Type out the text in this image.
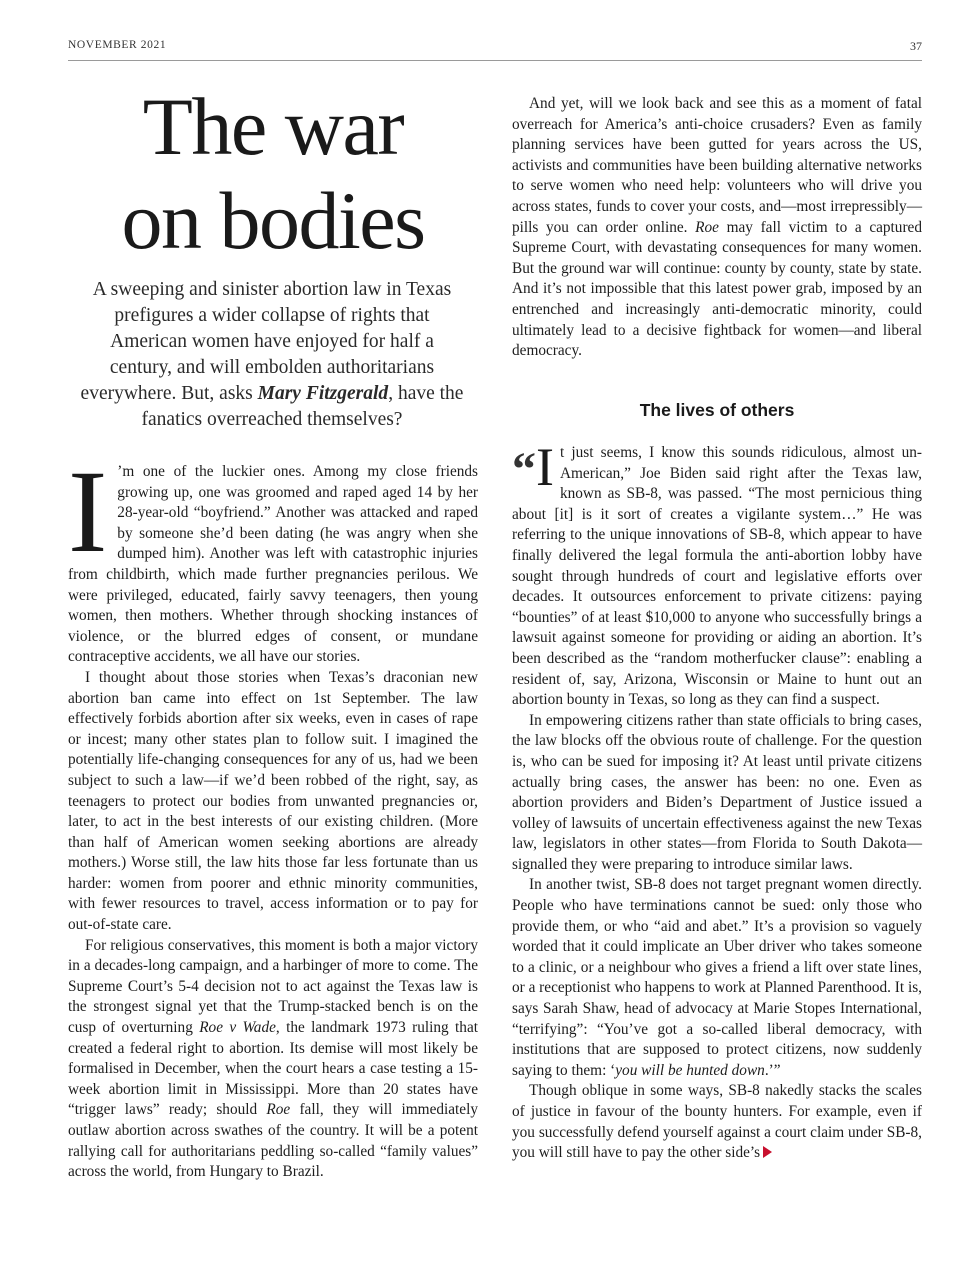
NOVEMBER 2021	37
The war
on bodies

A sweeping and sinister abortion law in Texas prefigures a wider collapse of rights that American women have enjoyed for half a century, and will embolden authoritarians everywhere. But, asks Mary Fitzgerald, have the fanatics overreached themselves?

I ’m one of the luckier ones. Among my close friends growing up, one was groomed and raped aged 14 by her 28-year-old “boyfriend.” Another was attacked and raped by someone she’d been dating (he was angry when she dumped him). Another was left with catastrophic injuries from childbirth, which made further pregnancies perilous. We were privileged, educated, fairly savvy teenagers, then young women, then mothers. Whether through shocking instances of violence, or the blurred edges of consent, or mundane contraceptive accidents, we all have our stories.

I thought about those stories when Texas’s draconian new abortion ban came into effect on 1st September. The law effectively forbids abortion after six weeks, even in cases of rape or incest; many other states plan to follow suit. I imagined the potentially life-changing consequences for any of us, had we been subject to such a law—if we’d been robbed of the right, say, as teenagers to protect our bodies from unwanted pregnancies or, later, to act in the best interests of our existing children. (More than half of American women seeking abortions are already mothers.) Worse still, the law hits those far less fortunate than us harder: women from poorer and ethnic minority communities, with fewer resources to travel, access information or to pay for out-of-state care.

For religious conservatives, this moment is both a major victory in a decades-long campaign, and a harbinger of more to come. The Supreme Court’s 5-4 decision not to act against the Texas law is the strongest signal yet that the Trump-stacked bench is on the cusp of overturning Roe v Wade, the landmark 1973 ruling that created a federal right to abortion. Its demise will most likely be formalised in December, when the court hears a case testing a 15-week abortion limit in Mississippi. More than 20 states have “trigger laws” ready; should Roe fall, they will immediately outlaw abortion across swathes of the country. It will be a potent rallying call for authoritarians peddling so-called “family values” across the world, from Hungary to Brazil.

And yet, will we look back and see this as a moment of fatal overreach for America’s anti-choice crusaders? Even as family planning services have been gutted for years across the US, activists and communities have been building alternative networks to serve women who need help: volunteers who will drive you across states, funds to cover your costs, and—most irrepressibly—pills you can order online. Roe may fall victim to a captured Supreme Court, with devastating consequences for many women. But the ground war will continue: county by county, state by state. And it’s not impossible that this latest power grab, imposed by an entrenched and increasingly anti-democratic minority, could ultimately lead to a decisive fightback for women—and liberal democracy.

The lives of others

“ I t just seems, I know this sounds ridiculous, almost un-American,” Joe Biden said right after the Texas law, known as SB-8, was passed. “The most pernicious thing about [it] is it sort of creates a vigilante system…” He was referring to the unique innovations of SB-8, which appear to have finally delivered the legal formula the anti-abortion lobby have sought through hundreds of court and legislative efforts over decades. It outsources enforcement to private citizens: paying “bounties” of at least $10,000 to anyone who successfully brings a lawsuit against someone for providing or aiding an abortion. It’s been described as the “random motherfucker clause”: enabling a resident of, say, Arizona, Wisconsin or Maine to hunt out an abortion bounty in Texas, so long as they can find a suspect.

In empowering citizens rather than state officials to bring cases, the law blocks off the obvious route of challenge. For the question is, who can be sued for imposing it? At least until private citizens actually bring cases, the answer has been: no one. Even as abortion providers and Biden’s Department of Justice issued a volley of lawsuits of uncertain effectiveness against the new Texas law, legislators in other states—from Florida to South Dakota—signalled they were preparing to introduce similar laws.

In another twist, SB-8 does not target pregnant women directly. People who have terminations cannot be sued: only those who provide them, or who “aid and abet.” It’s a provision so vaguely worded that it could implicate an Uber driver who takes someone to a clinic, or a neighbour who gives a friend a lift over state lines, or a receptionist who happens to work at Planned Parenthood. It is, says Sarah Shaw, head of advocacy at Marie Stopes International, “terrifying”: “You’ve got a so-called liberal democracy, with institutions that are supposed to protect citizens, now suddenly saying to them: ‘you will be hunted down.’”

Though oblique in some ways, SB-8 nakedly stacks the scales of justice in favour of the bounty hunters. For example, even if you successfully defend yourself against a court claim under SB-8, you will still have to pay the other side’s
